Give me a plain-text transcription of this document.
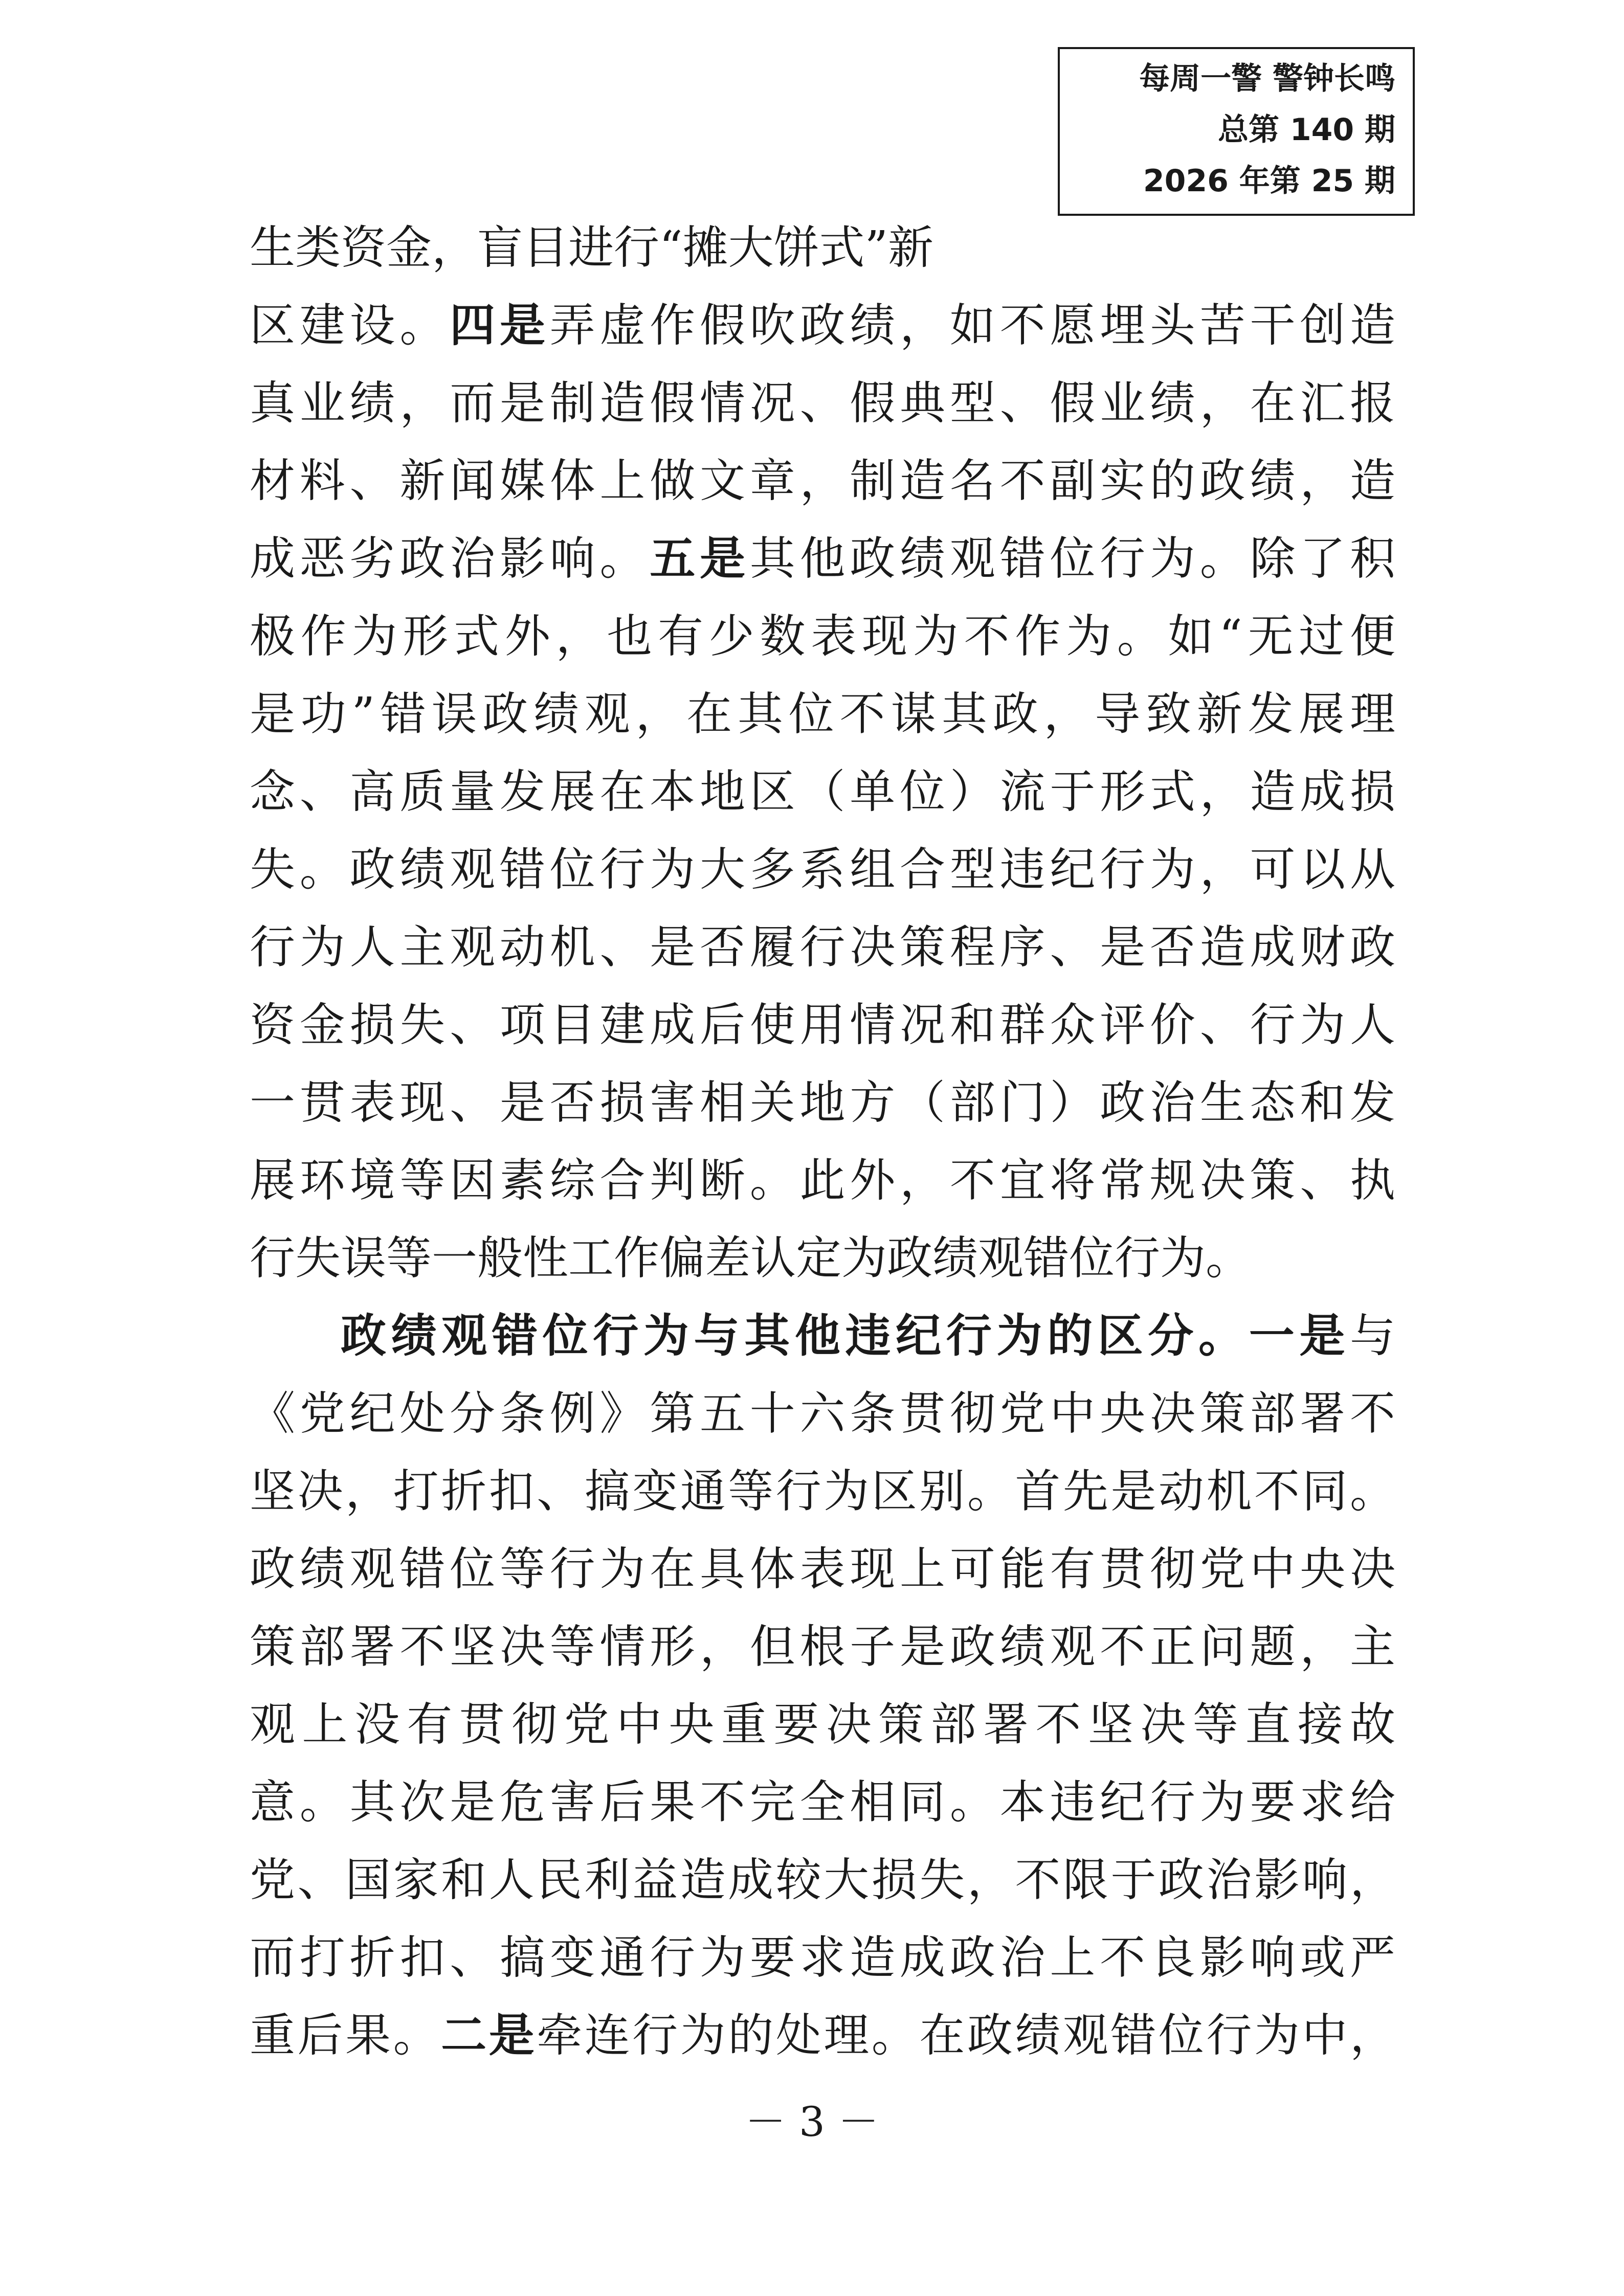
每周一警 警钟长鸣
总第 140 期
2026 年第 25 期
生类资金，盲目进行“摊大饼式”新
区建设。四是弄虚作假吹政绩，如不愿埋头苦干创造
真业绩，而是制造假情况、假典型、假业绩，在汇报
材料、新闻媒体上做文章，制造名不副实的政绩，造
成恶劣政治影响。五是其他政绩观错位行为。除了积
极作为形式外，也有少数表现为不作为。如“无过便
是功”错误政绩观，在其位不谋其政，导致新发展理
念、高质量发展在本地区（单位）流于形式，造成损
失。政绩观错位行为大多系组合型违纪行为，可以从
行为人主观动机、是否履行决策程序、是否造成财政
资金损失、项目建成后使用情况和群众评价、行为人
一贯表现、是否损害相关地方（部门）政治生态和发
展环境等因素综合判断。此外，不宜将常规决策、执
行失误等一般性工作偏差认定为政绩观错位行为。
政绩观错位行为与其他违纪行为的区分。一是与
《党纪处分条例》第五十六条贯彻党中央决策部署不
坚决，打折扣、搞变通等行为区别。首先是动机不同。
政绩观错位等行为在具体表现上可能有贯彻党中央决
策部署不坚决等情形，但根子是政绩观不正问题，主
观上没有贯彻党中央重要决策部署不坚决等直接故
意。其次是危害后果不完全相同。本违纪行为要求给
党、国家和人民利益造成较大损失，不限于政治影响，
而打折扣、搞变通行为要求造成政治上不良影响或严
重后果。二是牵连行为的处理。在政绩观错位行为中，
－ 3 －
